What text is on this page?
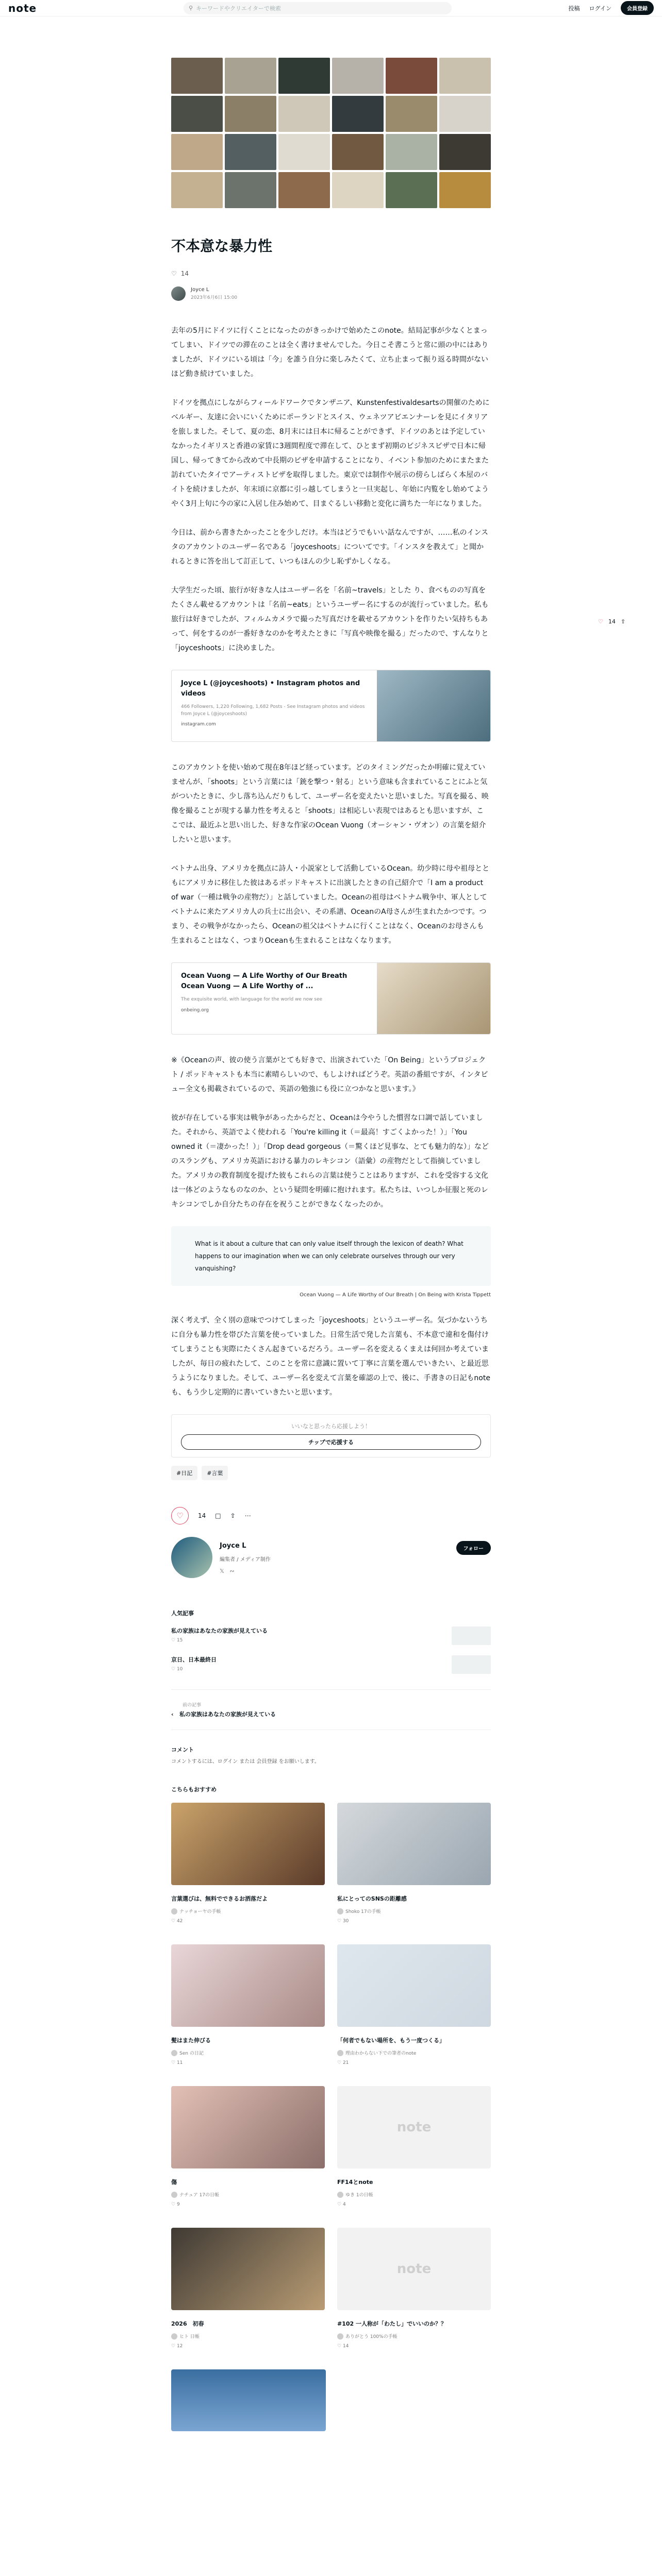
note	⚲ キーワードやクリエイターで検索	投稿 ログイン	会員登録
♡ 14 ⇧
不本意な暴力性
♡ 14
Joyce L
2023年6月6日 15:00

去年の5月にドイツに行くことになったのがきっかけで始めたこのnote。結局記事が少なくとまってしまい、ドイツでの滞在のことは全く書けませんでした。今日こそ書こうと常に頭の中にはありましたが、ドイツにいる頃は「今」を誰う自分に楽しみたくて、立ち止まって振り返る時間がないほど動き続けていました。

ドイツを拠点にしながらフィールドワークでタンザニア、Kunstenfestivaldesartsの開催のためにベルギー、友達に会いにいくためにポーランドとスイス、ウェネツアビエンナーレを見にイタリアを旅しました。そして、夏の恋、8月末には日本に帰ることができず、ドイツのあとは予定していなかったイギリスと香港の家賃に3週間程度で滞在して、ひとまず初期のビジネスビザで日本に帰国し、帰ってきてから改めて中長期のビザを申請することになり、イベント参加のためにまたまた訪れていたタイでアーティストビザを取得しました。東京では制作や展示の傍らしばらく本屋のバイトを続けましたが、年末頃に京都に引っ越してしまうと一旦実起し、年始に内覧をし始めてようやく3月上旬に今の家に入居し住み始めて、目まぐるしい移動と変化に満ちた一年になりました。

今日は、前から書きたかったことを少しだけ。本当はどうでもいい話なんですが、……私のインスタのアカウントのユーザー名である「joyceshoots」についてです。「インスタを教えて」と聞かれるときに答を出して訂正して、いつもほんの少し恥ずかしくなる。

大学生だった頃、旅行が好きな人はユーザー名を「名前~travels」とした り、食べものの写真をたくさん載せるアカウントは「名前~eats」というユーザー名にするのが流行っていました。私も旅行は好きでしたが、フィルムカメラで撮った写真だけを載せるアカウントを作りたい気持ちもあって、何をするのが一番好きなのかを考えたときに「写真や映像を撮る」だったので、すんなりと「joyceshoots」に決めました。

Joyce L (@joyceshoots) • Instagram photos and videos
466 Followers, 1,220 Following, 1,682 Posts - See Instagram photos and videos from Joyce L (@joyceshoots)
instagram.com

このアカウントを使い始めて現在8年ほど経っています。どのタイミングだったか明確に覚えていませんが、「shoots」という言葉には「銃を撃つ・射る」という意味も含まれていることにふと気がついたときに、少し落ち込んだりもして、ユーザー名を変えたいと思いました。写真を撮る、映像を撮ることが現する暴力性を考えると「shoots」は相応しい表現ではあるとも思いますが、ここでは、最近ふと思い出した、好きな作家のOcean Vuong（オーシャン・ヴオン）の言葉を紹介したいと思います。

ベトナム出身、アメリカを拠点に詩人・小説家として活動しているOcean。幼少時に母や祖母とともにアメリカに移住した彼はあるポッドキャストに出演したときの自己紹介で「I am a product of war（一種は戦争の産物だ）」と話していました。Oceanの祖母はベトナム戦争中、軍人としてベトナムに来たアメリカ人の兵士に出会い、その系譜、OceanのA母さんが生まれたかつです。つまり、その戦争がなかったら、Oceanの祖父はベトナムに行くことはなく、Oceanのお母さんも生まれることはなく、つまりOceanも生まれることはなくなります。

Ocean Vuong — A Life Worthy of Our Breath Ocean Vuong — A Life Worthy of ...
The exquisite world, with language for the world we now see
onbeing.org

※《Oceanの声、彼の使う言葉がとても好きで、出演されていた「On Being」というプロジェクト / ポッドキャストも本当に素晴らしいので、もしよければどうぞ。英語の番組ですが、インタビュー全文も掲載されているので、英語の勉強にも役に立つかなと思います。》

彼が存在している事実は戦争があったからだと、Oceanは今やうした慣習な口調で話していました。それから、英語でよく使われる「You're killing it（＝最高！すごくよかった！）」「You owned it（＝凄かった！）」「Drop dead gorgeous（＝驚くほど見事な、とても魅力的な）」などのスラングも、アメリカ英語における暴力のレキシコン（語彙）の産物だとして指摘していました。アメリカの教育制度を提げた彼もこれらの言葉は使うことはありますが、これを受容する文化は一体どのようなものなのか、という疑問を明確に抱けれます。私たちは、いつしか征服と死のレキシコンでしか自分たちの存在を祝うことができなくなったのか。

What is it about a culture that can only value itself through the lexicon of death? What happens to our imagination when we can only celebrate ourselves through our very vanquishing?
Ocean Vuong — A Life Worthy of Our Breath | On Being with Krista Tippett

深く考えず、全く別の意味でつけてしまった「joyceshoots」というユーザー名。気づかないうちに自分も暴力性を帯びた言葉を使っていました。日常生活で発した言葉も、不本意で違和を傷付けてしまうことも実際にたくさん起きているだろう。ユーザー名を変えるくまえは何回か考えていましたが、毎日の疲れたして、このことを常に意識に置いて丁寧に言葉を選んでいきたい、と最近思うようになりました。そして、ユーザー名を変えて言葉を確認の上で、後に、手書きの日記もnoteも、もう少し定期的に書いていきたいと思います。

いいなと思ったら応援しよう！
チップで応援する
#日記	#言葉
♡ 14 □ ⇧ ⋯
Joyce L
編集者 / メディア制作
𝕏 ∾
フォロー
人気記事
私の家族はあなたの家族が見えている
♡ 15
京日、日本最終日
♡ 10
前の記事
‹   私の家族はあなたの家族が見えている
コメント
コメントするには、ログイン または 会員登録 をお願いします。
こちらもおすすめ
言葉選びは、無料でできるお洒落だよ
ナッチョーヤの手帳
♡ 42
私にとってのSNSの距離感
Shoko 17の手帳
♡ 30
髪はまた伸びる
Sen の日記
♡ 11
「何者でもない場所を、もう一度つくる」
理由わからない下での筆者のnote
♡ 21
傷
ナチュア 17の日帳
♡ 9
note
FF14とnote
ゆき 1の日帳
♡ 4
2026　初春
ヒト 日帳
♡ 12
note
#102 一人称が「わたし」でいいのか？？
ありがとう 100%の手帳
♡ 14
